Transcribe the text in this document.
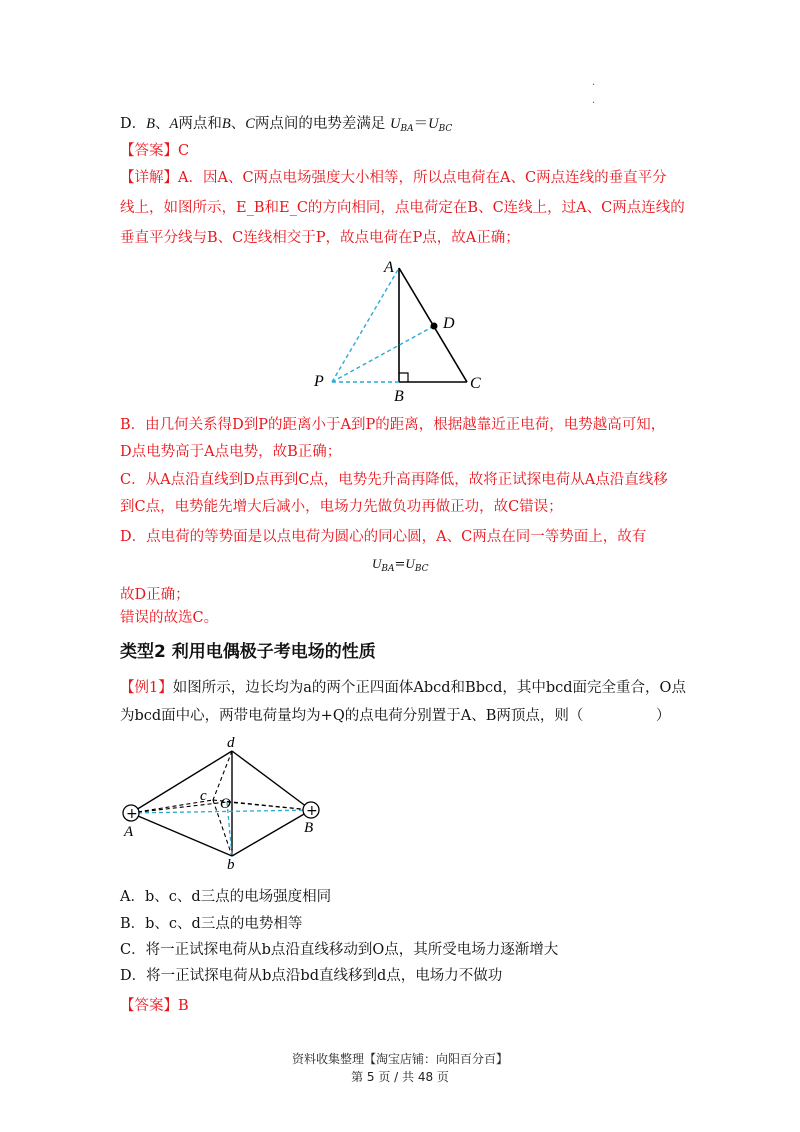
·
·
D．B、A两点和B、C两点间的电势差满足 $U_{BA}=U_{BC}$
【答案】C
【详解】A．因A、C两点电场强度大小相等，所以点电荷在A、C两点连线的垂直平分
线上，如图所示，E_B和E_C的方向相同，点电荷定在B、C连线上，过A、C两点连线的
垂直平分线与B、C连线相交于P，故点电荷在P点，故A正确；
A
D
P
B
C
B．由几何关系得D到P的距离小于A到P的距离，根据越靠近正电荷，电势越高可知，
D点电势高于A点电势，故B正确；
C．从A点沿直线到D点再到C点，电势先升高再降低，故将正试探电荷从A点沿直线移
到C点，电势能先增大后减小，电场力先做负功再做正功，故C错误；
D．点电荷的等势面是以点电荷为圆心的同心圆，A、C两点在同一等势面上，故有
$U_{BA}=U_{BC}$
故D正确；
错误的故选C。
类型2 利用电偶极子考电场的性质
【例1】如图所示，边长均为a的两个正四面体Abcd和Bbcd，其中bcd面完全重合，O点
为bcd面中心，两带电荷量均为+Q的点电荷分别置于A、B两顶点，则（　　　　　）
+	+
d
c O
A	B
b
A．b、c、d三点的电场强度相同
B．b、c、d三点的电势相等
C．将一正试探电荷从b点沿直线移动到O点，其所受电场力逐渐增大
D．将一正试探电荷从b点沿bd直线移到d点，电场力不做功
【答案】B
资料收集整理【淘宝店铺：向阳百分百】
第 5 页 / 共 48 页
